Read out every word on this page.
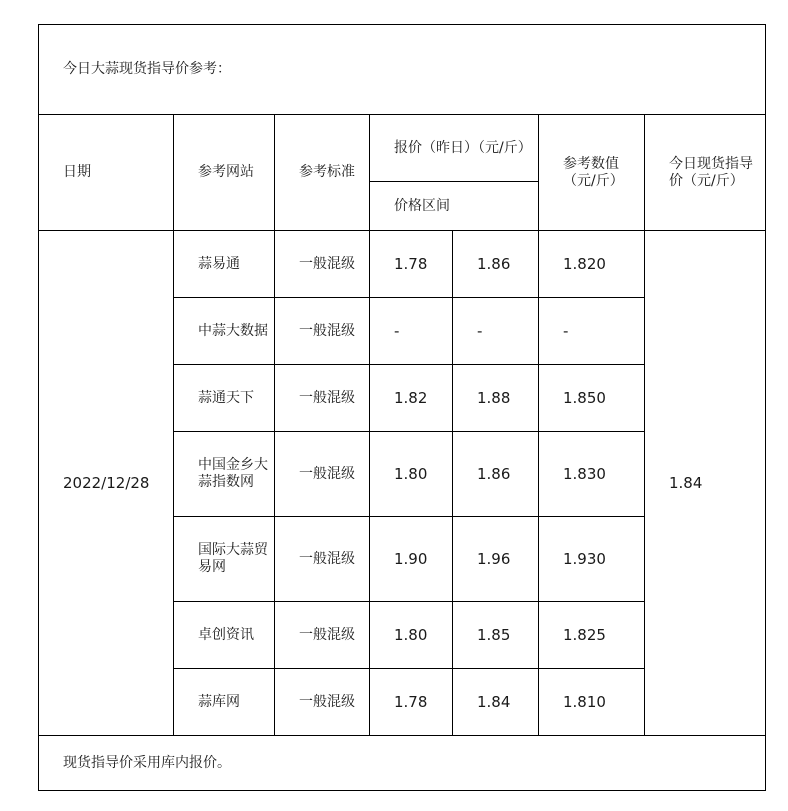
今日大蒜现货指导价参考：						
日期	参考网站	参考标准	报价（昨日）（元/斤）		参考数值（元/斤）	今日现货指导价（元/斤）
			价格区间			
2022/12/28	蒜易通	一般混级	1.78	1.86	1.820	1.84
	中蒜大数据	一般混级	-	-	-	
	蒜通天下	一般混级	1.82	1.88	1.850	
	中国金乡大蒜指数网	一般混级	1.80	1.86	1.830	
	国际大蒜贸易网	一般混级	1.90	1.96	1.930	
	卓创资讯	一般混级	1.80	1.85	1.825	
	蒜库网	一般混级	1.78	1.84	1.810	
现货指导价采用库内报价。						
